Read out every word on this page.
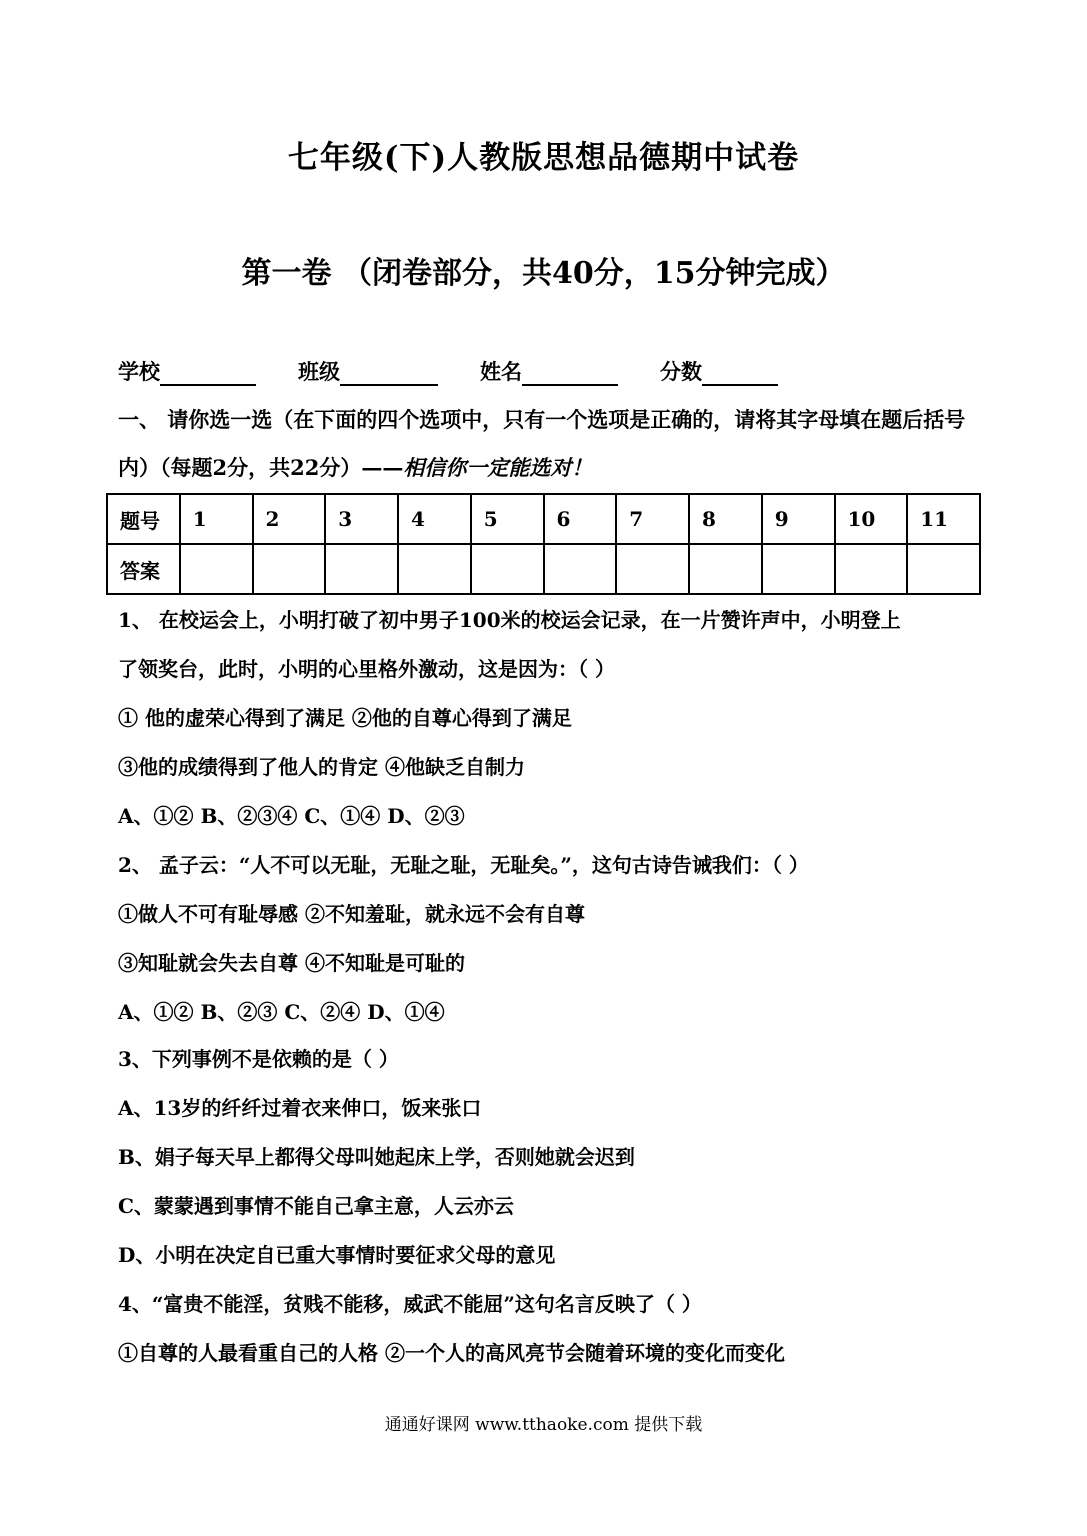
七年级(下)人教版思想品德期中试卷
第一卷 （闭卷部分，共40分，15分钟完成）
学校	班级	姓名	分数
一、 请你选一选（在下面的四个选项中，只有一个选项是正确的，请将其字母填在题后括号内）（每题2分，共22分）——相信你一定能选对！
题号	1	2	3	4	5	6	7	8	9	10	11
答案											
1、 在校运会上，小明打破了初中男子100米的校运会记录，在一片赞许声中，小明登上
了领奖台，此时，小明的心里格外激动，这是因为：（ ）
① 他的虚荣心得到了满足 ②他的自尊心得到了满足
③他的成绩得到了他人的肯定 ④他缺乏自制力
A、①② B、②③④ C、①④ D、②③
2、 孟子云：“人不可以无耻，无耻之耻，无耻矣。”，这句古诗告诫我们：（ ）
①做人不可有耻辱感 ②不知羞耻，就永远不会有自尊
③知耻就会失去自尊 ④不知耻是可耻的
A、①② B、②③ C、②④ D、①④
3、下列事例不是依赖的是（ ）
A、13岁的纤纤过着衣来伸口，饭来张口
B、娟子每天早上都得父母叫她起床上学，否则她就会迟到
C、蒙蒙遇到事情不能自己拿主意，人云亦云
D、小明在决定自已重大事情时要征求父母的意见
4、“富贵不能淫，贫贱不能移，威武不能屈”这句名言反映了（ ）
①自尊的人最看重自己的人格 ②一个人的高风亮节会随着环境的变化而变化
通通好课网 www.tthaoke.com 提供下载
